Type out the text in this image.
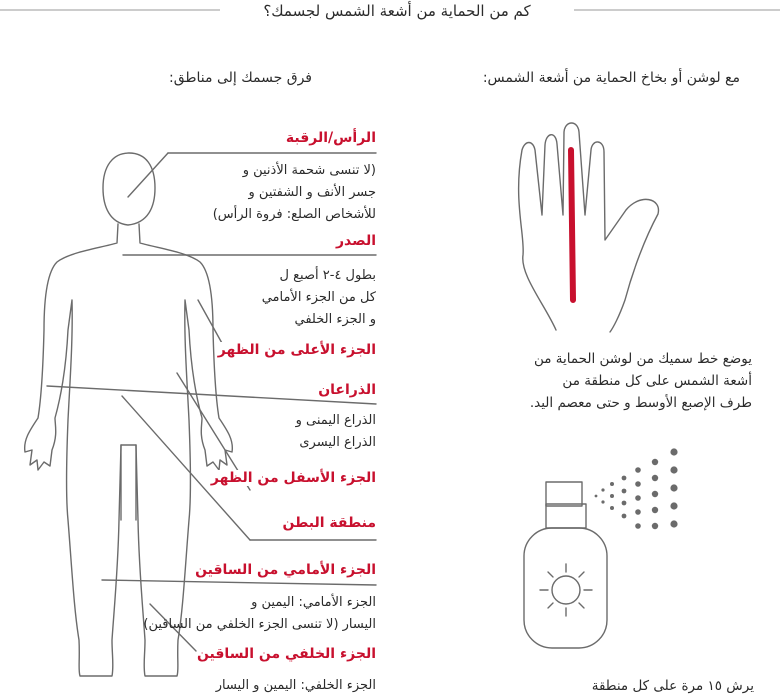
كم من الحماية من أشعة الشمس لجسمك؟
مع لوشن أو بخاخ الحماية من أشعة الشمس:
فرق جسمك إلى مناطق:
الرأس/الرقبة
(لا تنسى شحمة الأذنين و
جسر الأنف و الشفتين و
للأشخاص الصلع: فروة الرأس)
الصدر
بطول ٤-٢ أصبع ل
كل من الجزء الأمامي
و الجزء الخلفي
الجزء الأعلى من الظهر
الذراعان
الذراع اليمنى و
الذراع اليسرى
الجزء الأسفل من الظهر
منطقة البطن
الجزء الأمامي من الساقين
الجزء الأمامي: اليمين و
اليسار (لا تنسى الجزء الخلفي من الساقين)
الجزء الخلفي من الساقين
الجزء الخلفي: اليمين و اليسار
يوضع خط سميك من لوشن الحماية من
أشعة الشمس على كل منطقة من
طرف الإصبع الأوسط و حتى معصم اليد.
يرش ١٥ مرة على كل منطقة
